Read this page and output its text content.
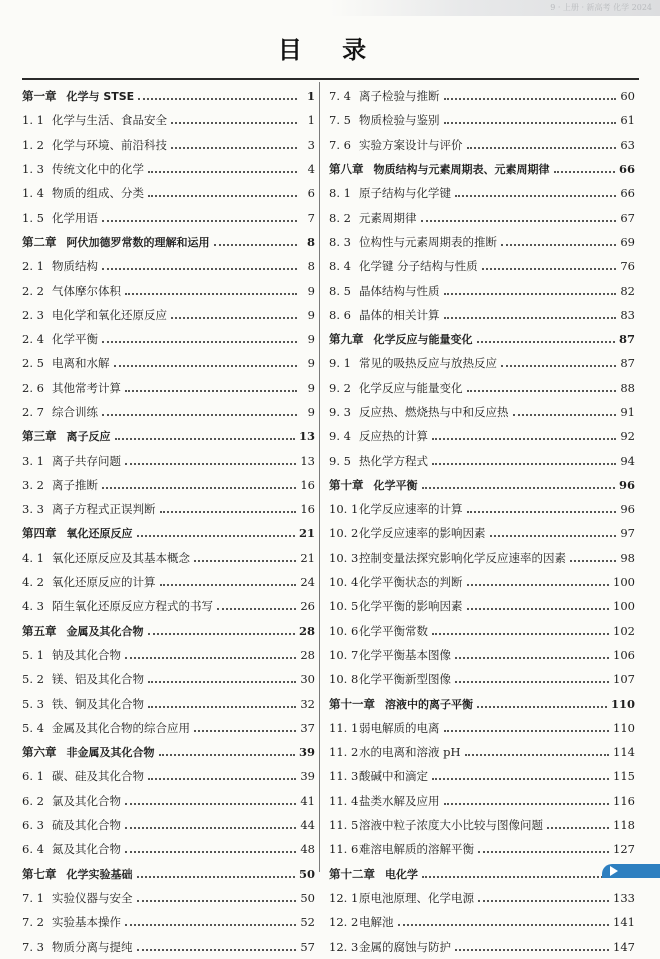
9 · 上册 · 新高考 化学 2024
目 录
第一章 化学与 STSE	1
1. 1 化学与生活、食品安全	1
1. 2 化学与环境、前沿科技	3
1. 3 传统文化中的化学	4
1. 4 物质的组成、分类	6
1. 5 化学用语	7
第二章 阿伏加德罗常数的理解和运用	8
2. 1 物质结构	8
2. 2 气体摩尔体积	9
2. 3 电化学和氧化还原反应	9
2. 4 化学平衡	9
2. 5 电离和水解	9
2. 6 其他常考计算	9
2. 7 综合训练	9
第三章 离子反应	13
3. 1 离子共存问题	13
3. 2 离子推断	16
3. 3 离子方程式正误判断	16
第四章 氧化还原反应	21
4. 1 氧化还原反应及其基本概念	21
4. 2 氧化还原反应的计算	24
4. 3 陌生氧化还原反应方程式的书写	26
第五章 金属及其化合物	28
5. 1 钠及其化合物	28
5. 2 镁、铝及其化合物	30
5. 3 铁、铜及其化合物	32
5. 4 金属及其化合物的综合应用	37
第六章 非金属及其化合物	39
6. 1 碳、硅及其化合物	39
6. 2 氯及其化合物	41
6. 3 硫及其化合物	44
6. 4 氮及其化合物	48
第七章 化学实验基础	50
7. 1 实验仪器与安全	50
7. 2 实验基本操作	52
7. 3 物质分离与提纯	57
7. 4 离子检验与推断	60
7. 5 物质检验与鉴别	61
7. 6 实验方案设计与评价	63
第八章 物质结构与元素周期表、元素周期律	66
8. 1 原子结构与化学键	66
8. 2 元素周期律	67
8. 3 位构性与元素周期表的推断	69
8. 4 化学键 分子结构与性质	76
8. 5 晶体结构与性质	82
8. 6 晶体的相关计算	83
第九章 化学反应与能量变化	87
9. 1 常见的吸热反应与放热反应	87
9. 2 化学反应与能量变化	88
9. 3 反应热、燃烧热与中和反应热	91
9. 4 反应热的计算	92
9. 5 热化学方程式	94
第十章 化学平衡	96
10. 1 化学反应速率的计算	96
10. 2 化学反应速率的影响因素	97
10. 3 控制变量法探究影响化学反应速率的因素	98
10. 4 化学平衡状态的判断	100
10. 5 化学平衡的影响因素	100
10. 6 化学平衡常数	102
10. 7 化学平衡基本图像	106
10. 8 化学平衡新型图像	107
第十一章 溶液中的离子平衡	110
11. 1 弱电解质的电离	110
11. 2 水的电离和溶液 pH	114
11. 3 酸碱中和滴定	115
11. 4 盐类水解及应用	116
11. 5 溶液中粒子浓度大小比较与图像问题	118
11. 6 难溶电解质的溶解平衡	127
第十二章 电化学
12. 1 原电池原理、化学电源	133
12. 2 电解池	141
12. 3 金属的腐蚀与防护	147
